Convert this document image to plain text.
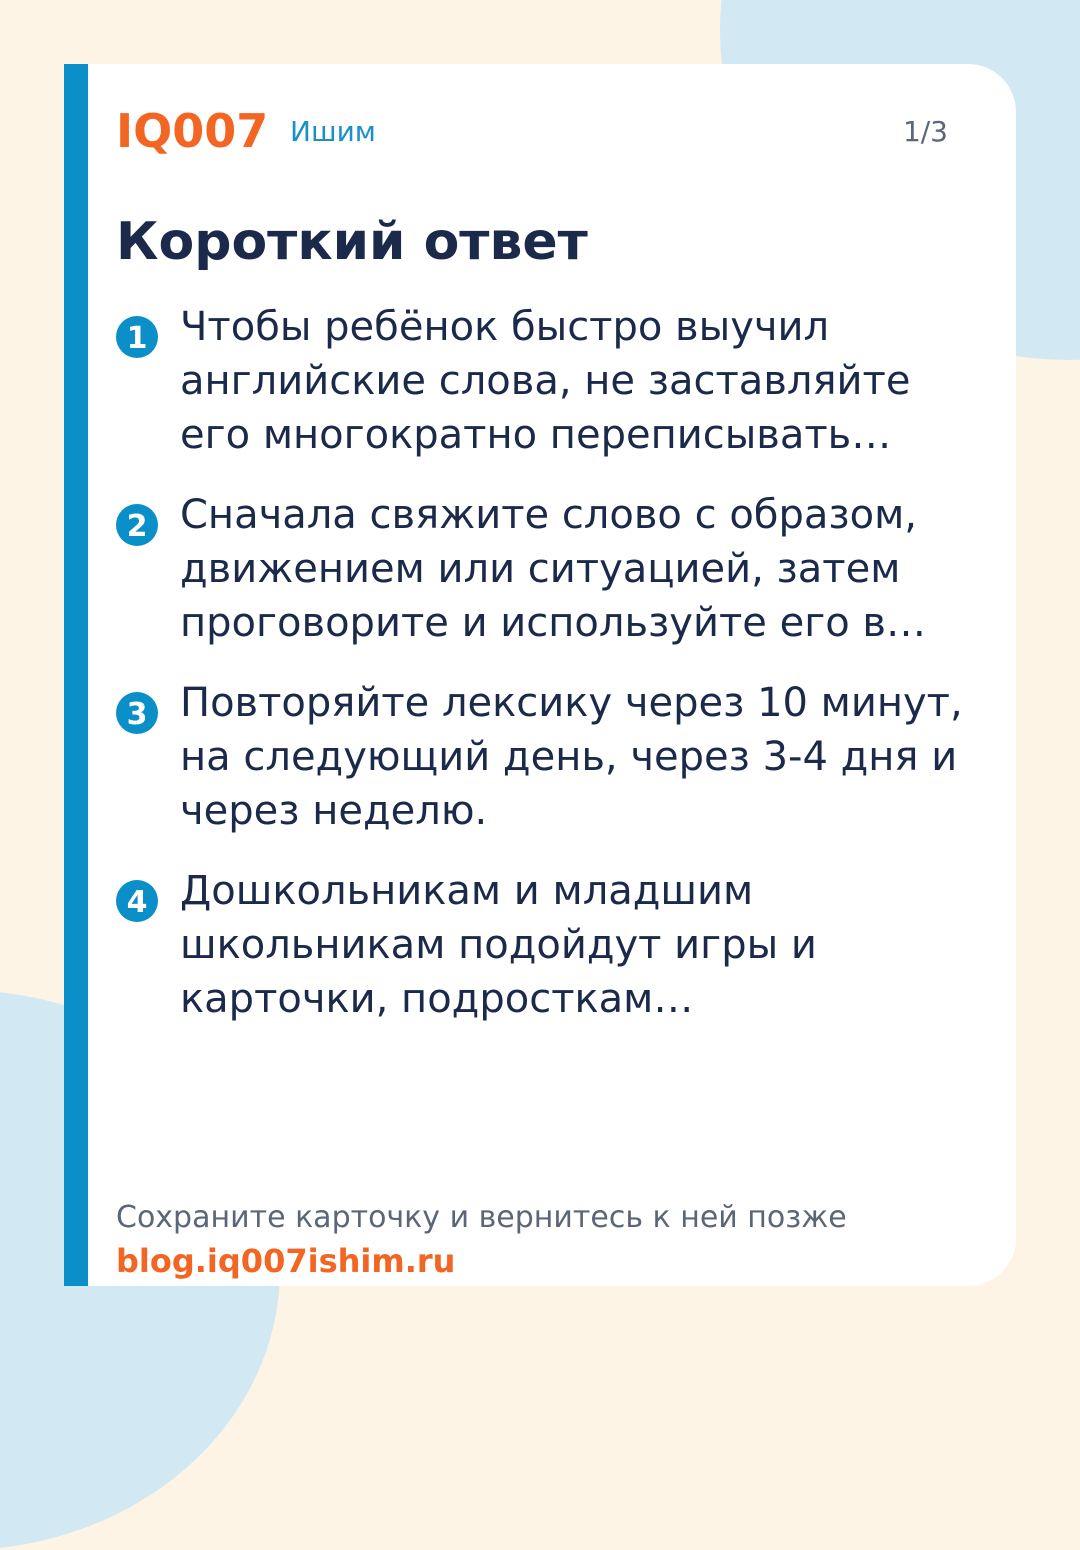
IQ007 Ишим	1/3
Короткий ответ
1 Чтобы ребёнок быстро выучил английские слова, не заставляйте его многократно переписывать…
2 Сначала свяжите слово с образом, движением или ситуацией, затем проговорите и используйте его в…
3 Повторяйте лексику через 10 минут, на следующий день, через 3-4 дня и через неделю.
4 Дошкольникам и младшим школьникам подойдут игры и карточки, подросткам…
Сохраните карточку и вернитесь к ней позже
blog.iq007ishim.ru
